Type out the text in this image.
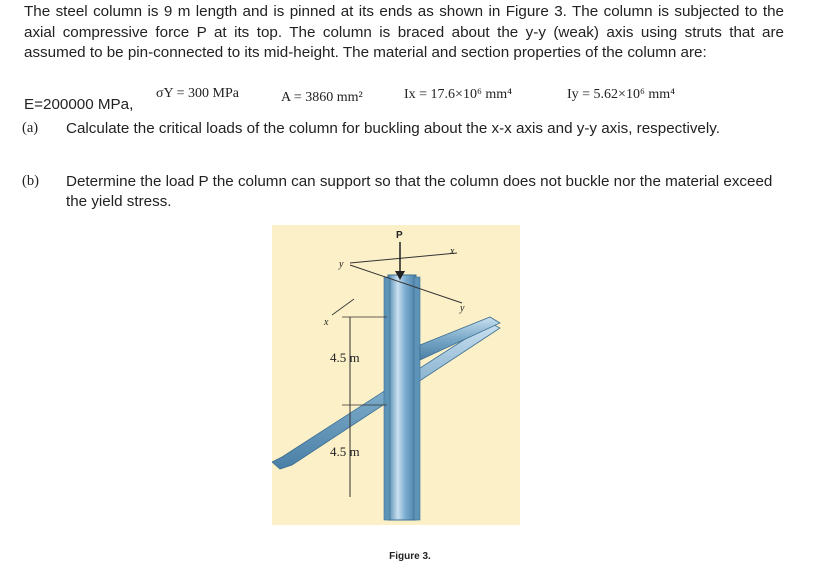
The steel column is 9 m length and is pinned at its ends as shown in Figure 3. The column is subjected to the axial compressive force P at its top. The column is braced about the y-y (weak) axis using struts that are assumed to be pin-connected to its mid-height. The material and section properties of the column are:

E=200000 MPa,
σY = 300 MPa	A = 3860 mm²	Ix = 17.6×10⁶ mm⁴	Iy = 5.62×10⁶ mm⁴
(a) Calculate the critical loads of the column for buckling about the x-x axis and y-y axis, respectively.
(b) Determine the load P the column can support so that the column does not buckle nor the material exceed the yield stress.
P
y
x
x
y
4.5 m
4.5 m
Figure 3.
